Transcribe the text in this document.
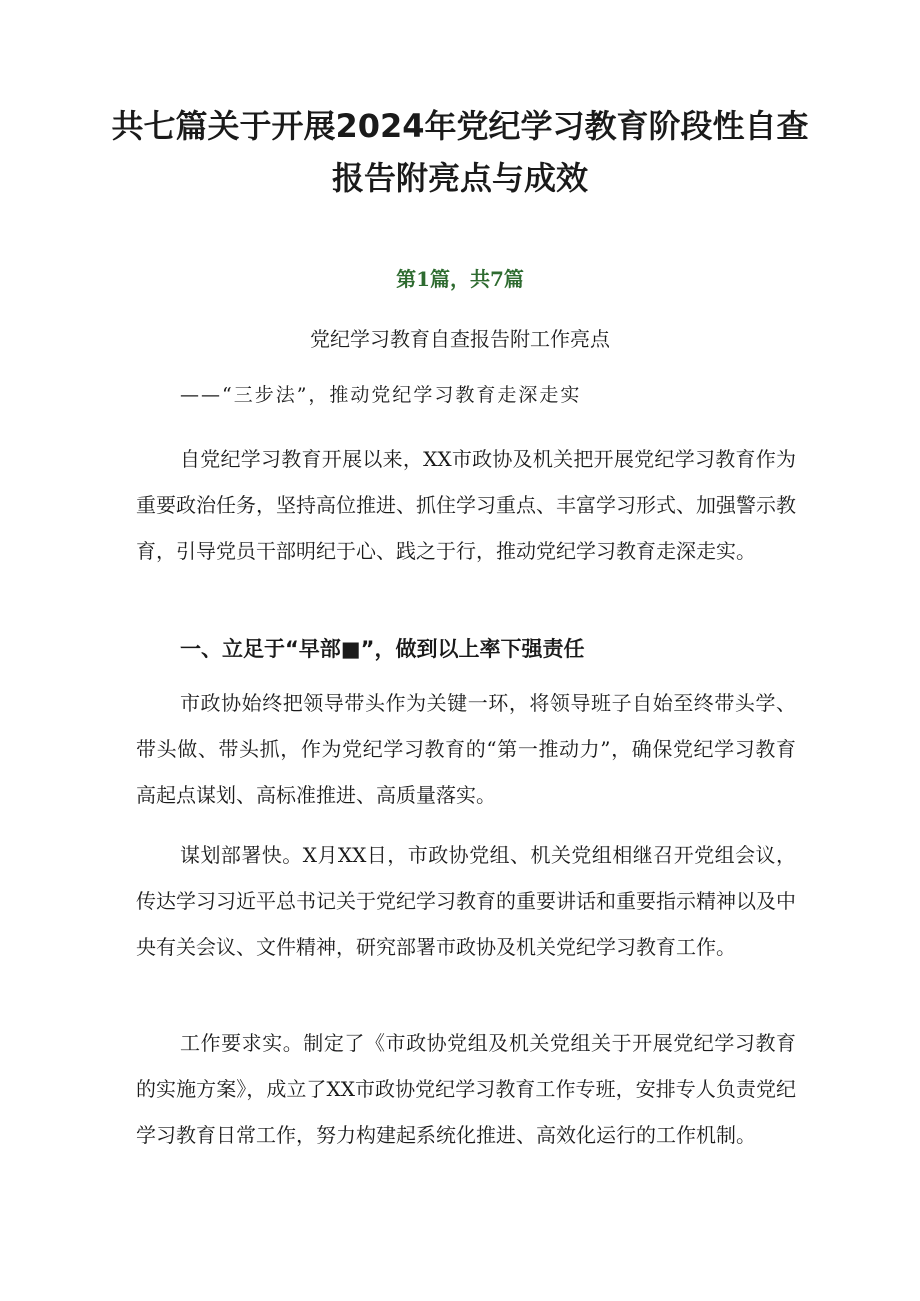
共七篇关于开展2024年党纪学习教育阶段性自查报告附亮点与成效

第1篇，共7篇

党纪学习教育自查报告附工作亮点

——“三步法”，推动党纪学习教育走深走实

自党纪学习教育开展以来，XX市政协及机关把开展党纪学习教育作为重要政治任务，坚持高位推进、抓住学习重点、丰富学习形式、加强警示教育，引导党员干部明纪于心、践之于行，推动党纪学习教育走深走实。

一、立足于“早部■”，做到以上率下强责任

市政协始终把领导带头作为关键一环，将领导班子自始至终带头学、带头做、带头抓，作为党纪学习教育的“第一推动力”，确保党纪学习教育高起点谋划、高标准推进、高质量落实。

谋划部署快。X月XX日，市政协党组、机关党组相继召开党组会议，传达学习习近平总书记关于党纪学习教育的重要讲话和重要指示精神以及中央有关会议、文件精神，研究部署市政协及机关党纪学习教育工作。

工作要求实。制定了《市政协党组及机关党组关于开展党纪学习教育的实施方案》，成立了XX市政协党纪学习教育工作专班，安排专人负责党纪学习教育日常工作，努力构建起系统化推进、高效化运行的工作机制。
